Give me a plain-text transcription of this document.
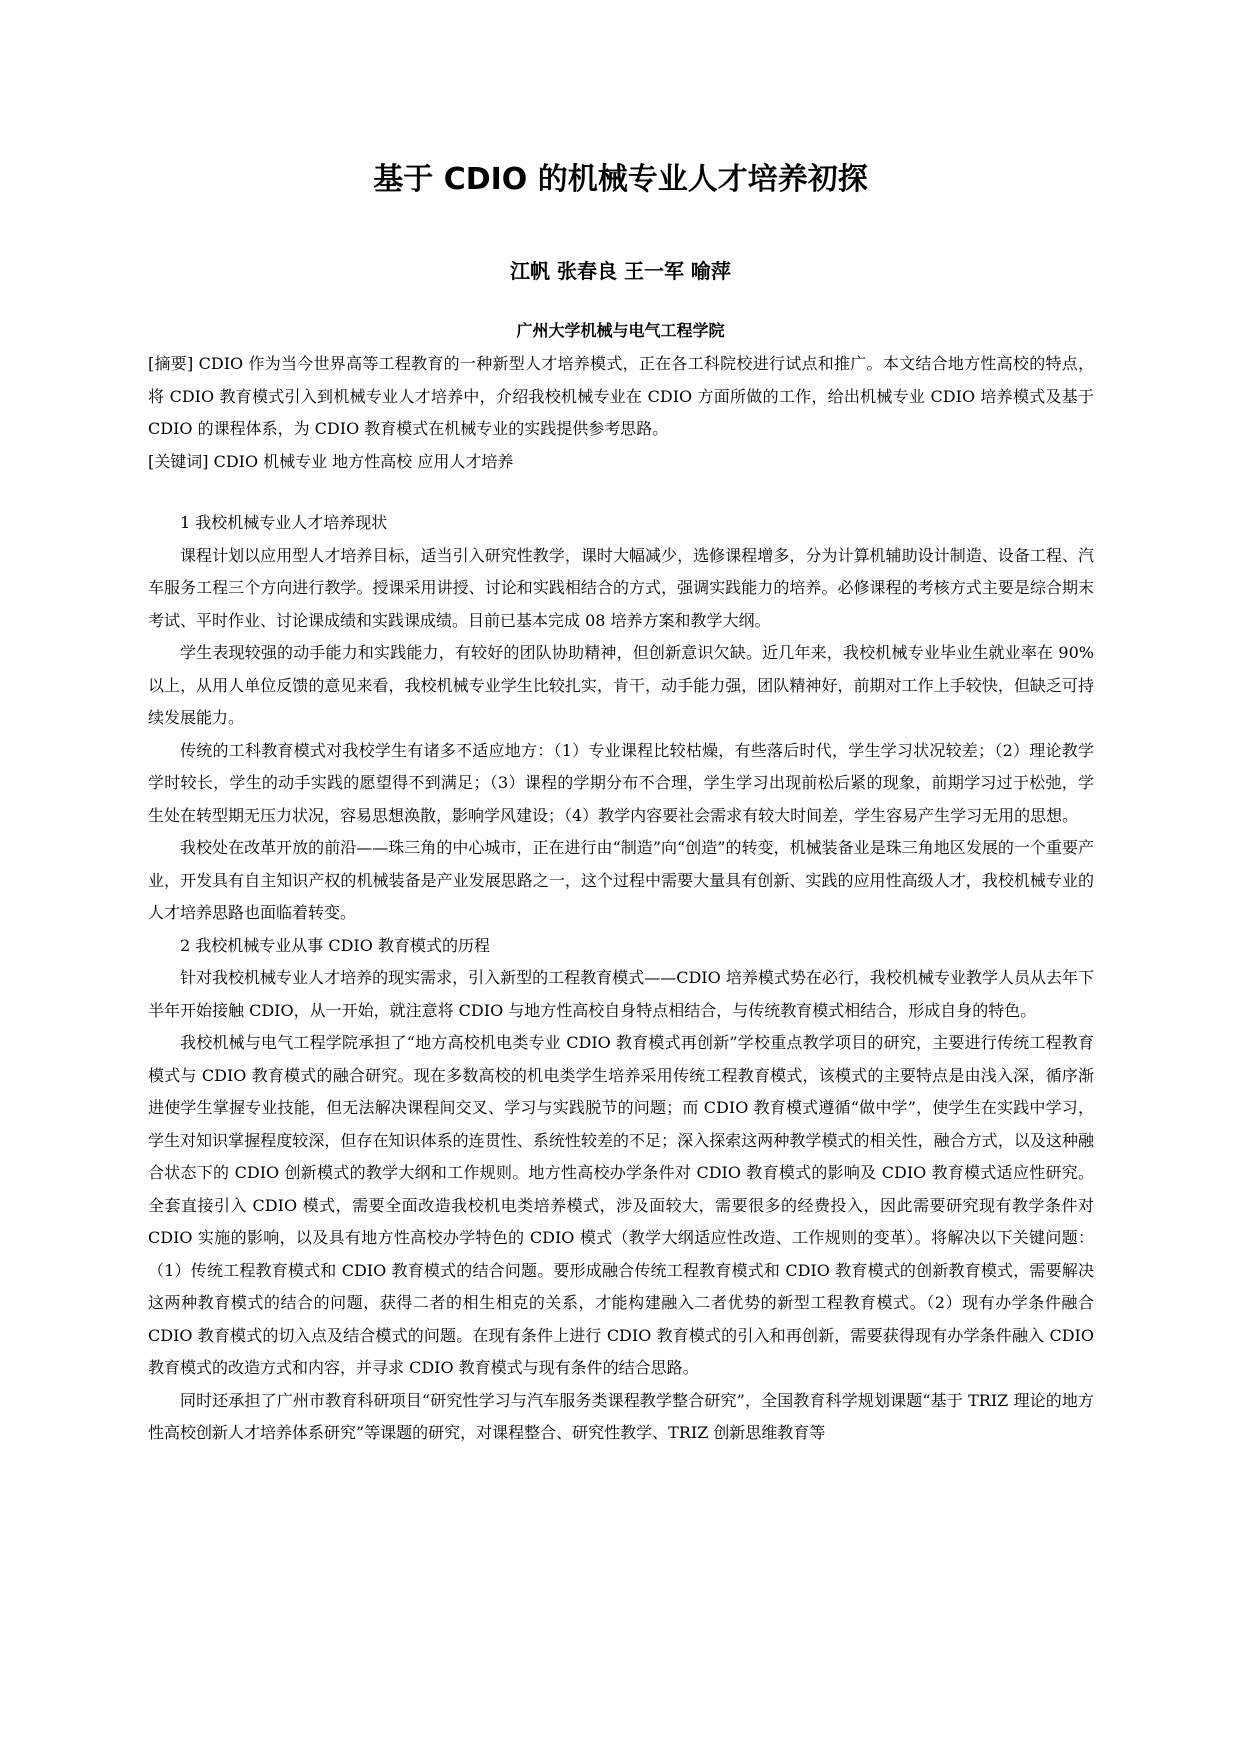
基于 CDIO 的机械专业人才培养初探
江帆 张春良 王一军 喻萍
广州大学机械与电气工程学院

[摘要] CDIO 作为当今世界高等工程教育的一种新型人才培养模式，正在各工科院校进行试点和推广。本文结合地方性高校的特点，将 CDIO 教育模式引入到机械专业人才培养中，介绍我校机械专业在 CDIO 方面所做的工作，给出机械专业 CDIO 培养模式及基于 CDIO 的课程体系，为 CDIO 教育模式在机械专业的实践提供参考思路。

[关键词] CDIO 机械专业 地方性高校 应用人才培养

1 我校机械专业人才培养现状

课程计划以应用型人才培养目标，适当引入研究性教学，课时大幅减少，选修课程增多，分为计算机辅助设计制造、设备工程、汽车服务工程三个方向进行教学。授课采用讲授、讨论和实践相结合的方式，强调实践能力的培养。必修课程的考核方式主要是综合期末考试、平时作业、讨论课成绩和实践课成绩。目前已基本完成 08 培养方案和教学大纲。

学生表现较强的动手能力和实践能力，有较好的团队协助精神，但创新意识欠缺。近几年来，我校机械专业毕业生就业率在 90%以上，从用人单位反馈的意见来看，我校机械专业学生比较扎实，肯干，动手能力强，团队精神好，前期对工作上手较快，但缺乏可持续发展能力。

传统的工科教育模式对我校学生有诸多不适应地方：（1）专业课程比较枯燥，有些落后时代，学生学习状况较差；（2）理论教学学时较长，学生的动手实践的愿望得不到满足；（3）课程的学期分布不合理，学生学习出现前松后紧的现象，前期学习过于松弛，学生处在转型期无压力状况，容易思想涣散，影响学风建设；（4）教学内容要社会需求有较大时间差，学生容易产生学习无用的思想。

我校处在改革开放的前沿——珠三角的中心城市，正在进行由“制造”向“创造”的转变，机械装备业是珠三角地区发展的一个重要产业，开发具有自主知识产权的机械装备是产业发展思路之一，这个过程中需要大量具有创新、实践的应用性高级人才，我校机械专业的人才培养思路也面临着转变。

2 我校机械专业从事 CDIO 教育模式的历程

针对我校机械专业人才培养的现实需求，引入新型的工程教育模式——CDIO 培养模式势在必行，我校机械专业教学人员从去年下半年开始接触 CDIO，从一开始，就注意将 CDIO 与地方性高校自身特点相结合，与传统教育模式相结合，形成自身的特色。

我校机械与电气工程学院承担了“地方高校机电类专业 CDIO 教育模式再创新”学校重点教学项目的研究，主要进行传统工程教育模式与 CDIO 教育模式的融合研究。现在多数高校的机电类学生培养采用传统工程教育模式，该模式的主要特点是由浅入深，循序渐进使学生掌握专业技能，但无法解决课程间交叉、学习与实践脱节的问题；而 CDIO 教育模式遵循“做中学”，使学生在实践中学习，学生对知识掌握程度较深，但存在知识体系的连贯性、系统性较差的不足；深入探索这两种教学模式的相关性，融合方式，以及这种融合状态下的 CDIO 创新模式的教学大纲和工作规则。地方性高校办学条件对 CDIO 教育模式的影响及 CDIO 教育模式适应性研究。全套直接引入 CDIO 模式，需要全面改造我校机电类培养模式，涉及面较大，需要很多的经费投入，因此需要研究现有教学条件对 CDIO 实施的影响，以及具有地方性高校办学特色的 CDIO 模式（教学大纲适应性改造、工作规则的变革）。将解决以下关键问题：（1）传统工程教育模式和 CDIO 教育模式的结合问题。要形成融合传统工程教育模式和 CDIO 教育模式的创新教育模式，需要解决这两种教育模式的结合的问题，获得二者的相生相克的关系，才能构建融入二者优势的新型工程教育模式。（2）现有办学条件融合 CDIO 教育模式的切入点及结合模式的问题。在现有条件上进行 CDIO 教育模式的引入和再创新，需要获得现有办学条件融入 CDIO 教育模式的改造方式和内容，并寻求 CDIO 教育模式与现有条件的结合思路。

同时还承担了广州市教育科研项目“研究性学习与汽车服务类课程教学整合研究”，全国教育科学规划课题“基于 TRIZ 理论的地方性高校创新人才培养体系研究”等课题的研究，对课程整合、研究性教学、TRIZ 创新思维教育等
